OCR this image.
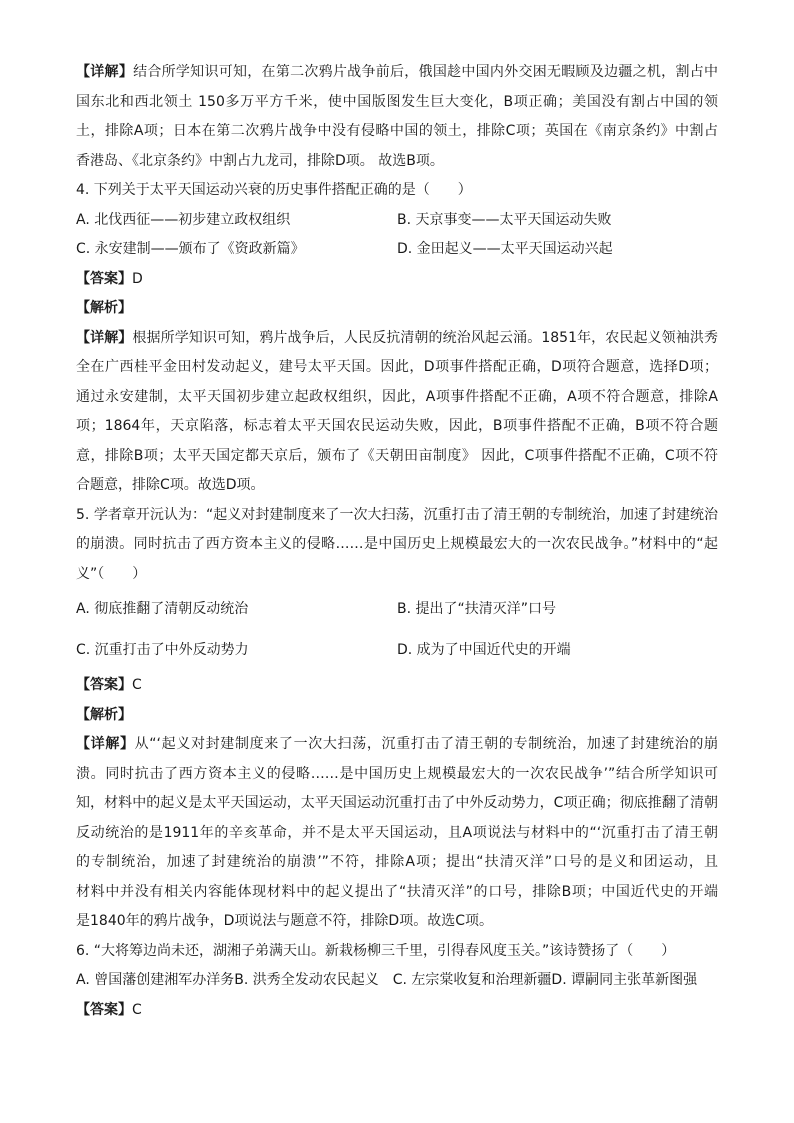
【详解】结合所学知识可知，在第二次鸦片战争前后，俄国趁中国内外交困无暇顾及边疆之机，割占中
国东北和西北领土 150多万平方千米，使中国版图发生巨大变化，B项正确；美国没有割占中国的领
土，排除A项；日本在第二次鸦片战争中没有侵略中国的领土，排除C项；英国在《南京条约》中割占
香港岛、《北京条约》中割占九龙司，排除D项。 故选B项。
4. 下列关于太平天国运动兴衰的历史事件搭配正确的是（　　）
A. 北伐西征——初步建立政权组织	B. 天京事变——太平天国运动失败
C. 永安建制——颁布了《资政新篇》	D. 金田起义——太平天国运动兴起
【答案】D
【解析】
【详解】根据所学知识可知，鸦片战争后，人民反抗清朝的统治风起云涌。1851年，农民起义领袖洪秀
全在广西桂平金田村发动起义，建号太平天国。因此，D项事件搭配正确，D项符合题意，选择D项；
通过永安建制，太平天国初步建立起政权组织，因此，A项事件搭配不正确，A项不符合题意，排除A
项；1864年，天京陷落，标志着太平天国农民运动失败，因此，B项事件搭配不正确，B项不符合题
意，排除B项；太平天国定都天京后，颁布了《天朝田亩制度》 因此，C项事件搭配不正确，C项不符
合题意，排除C项。故选D项。
5. 学者章开沅认为：“起义对封建制度来了一次大扫荡，沉重打击了清王朝的专制统治，加速了封建统治
的崩溃。同时抗击了西方资本主义的侵略……是中国历史上规模最宏大的一次农民战争。”材料中的“起
义”（　　）
A. 彻底推翻了清朝反动统治	B. 提出了“扶清灭洋”口号
C. 沉重打击了中外反动势力	D. 成为了中国近代史的开端
【答案】C
【解析】
【详解】从“‘起义对封建制度来了一次大扫荡，沉重打击了清王朝的专制统治，加速了封建统治的崩
溃。同时抗击了西方资本主义的侵略……是中国历史上规模最宏大的一次农民战争’”结合所学知识可
知，材料中的起义是太平天国运动，太平天国运动沉重打击了中外反动势力，C项正确；彻底推翻了清朝
反动统治的是1911年的辛亥革命，并不是太平天国运动，且A项说法与材料中的“‘沉重打击了清王朝
的专制统治，加速了封建统治的崩溃’”不符，排除A项；提出“扶清灭洋”口号的是义和团运动，且
材料中并没有相关内容能体现材料中的起义提出了“扶清灭洋”的口号，排除B项；中国近代史的开端
是1840年的鸦片战争，D项说法与题意不符，排除D项。故选C项。
6. “大将筹边尚未还，湖湘子弟满天山。新栽杨柳三千里，引得春风度玉关。”该诗赞扬了（　　）
A. 曾国藩创建湘军办洋务B. 洪秀全发动农民起义　C. 左宗棠收复和治理新疆D. 谭嗣同主张革新图强
【答案】C
